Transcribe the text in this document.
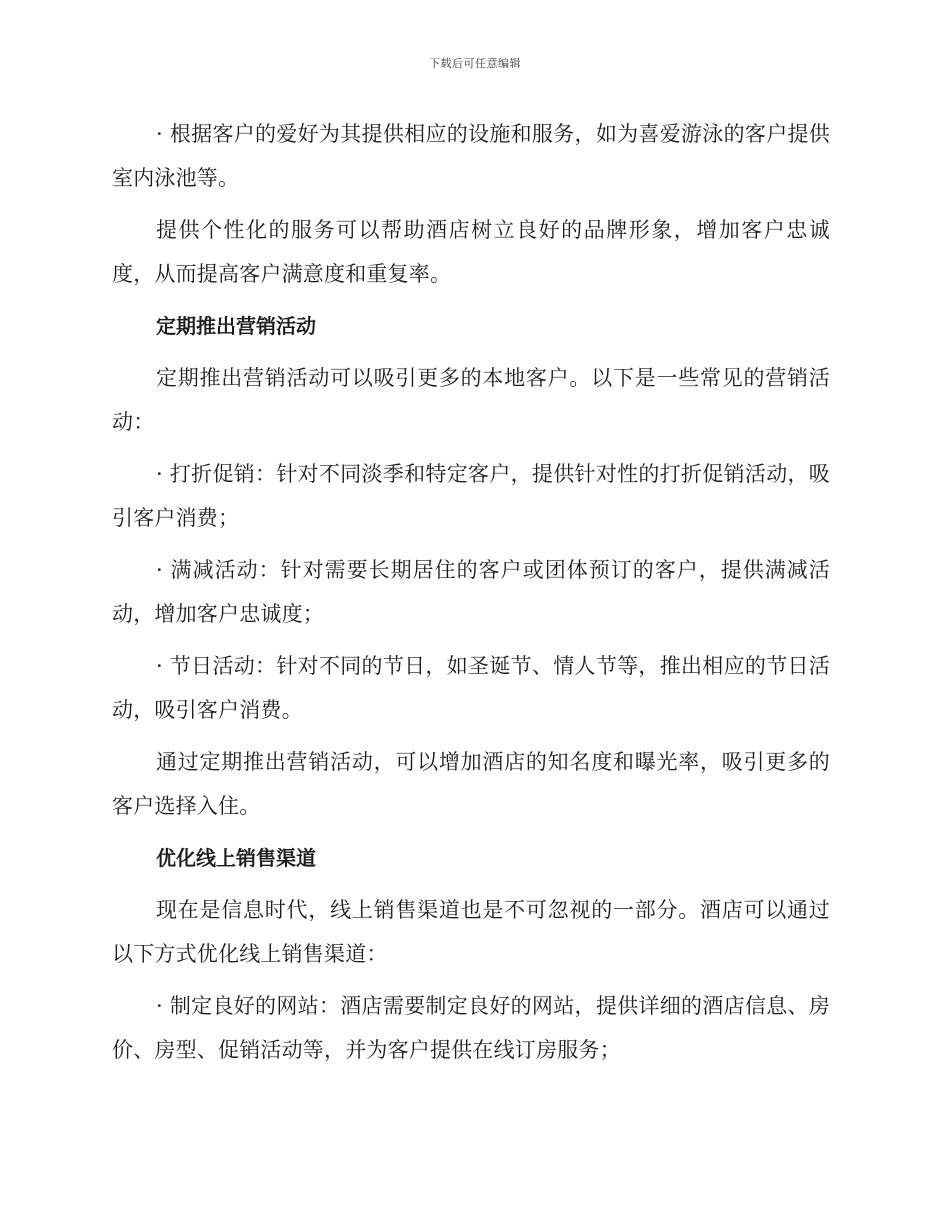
下载后可任意编辑

· 根据客户的爱好为其提供相应的设施和服务，如为喜爱游泳的客户提供室内泳池等。

提供个性化的服务可以帮助酒店树立良好的品牌形象，增加客户忠诚度，从而提高客户满意度和重复率。

定期推出营销活动

定期推出营销活动可以吸引更多的本地客户。以下是一些常见的营销活动：

· 打折促销：针对不同淡季和特定客户，提供针对性的打折促销活动，吸引客户消费；

· 满减活动：针对需要长期居住的客户或团体预订的客户，提供满减活动，增加客户忠诚度；

· 节日活动：针对不同的节日，如圣诞节、情人节等，推出相应的节日活动，吸引客户消费。

通过定期推出营销活动，可以增加酒店的知名度和曝光率，吸引更多的客户选择入住。

优化线上销售渠道

现在是信息时代，线上销售渠道也是不可忽视的一部分。酒店可以通过以下方式优化线上销售渠道：

· 制定良好的网站：酒店需要制定良好的网站，提供详细的酒店信息、房价、房型、促销活动等，并为客户提供在线订房服务；
